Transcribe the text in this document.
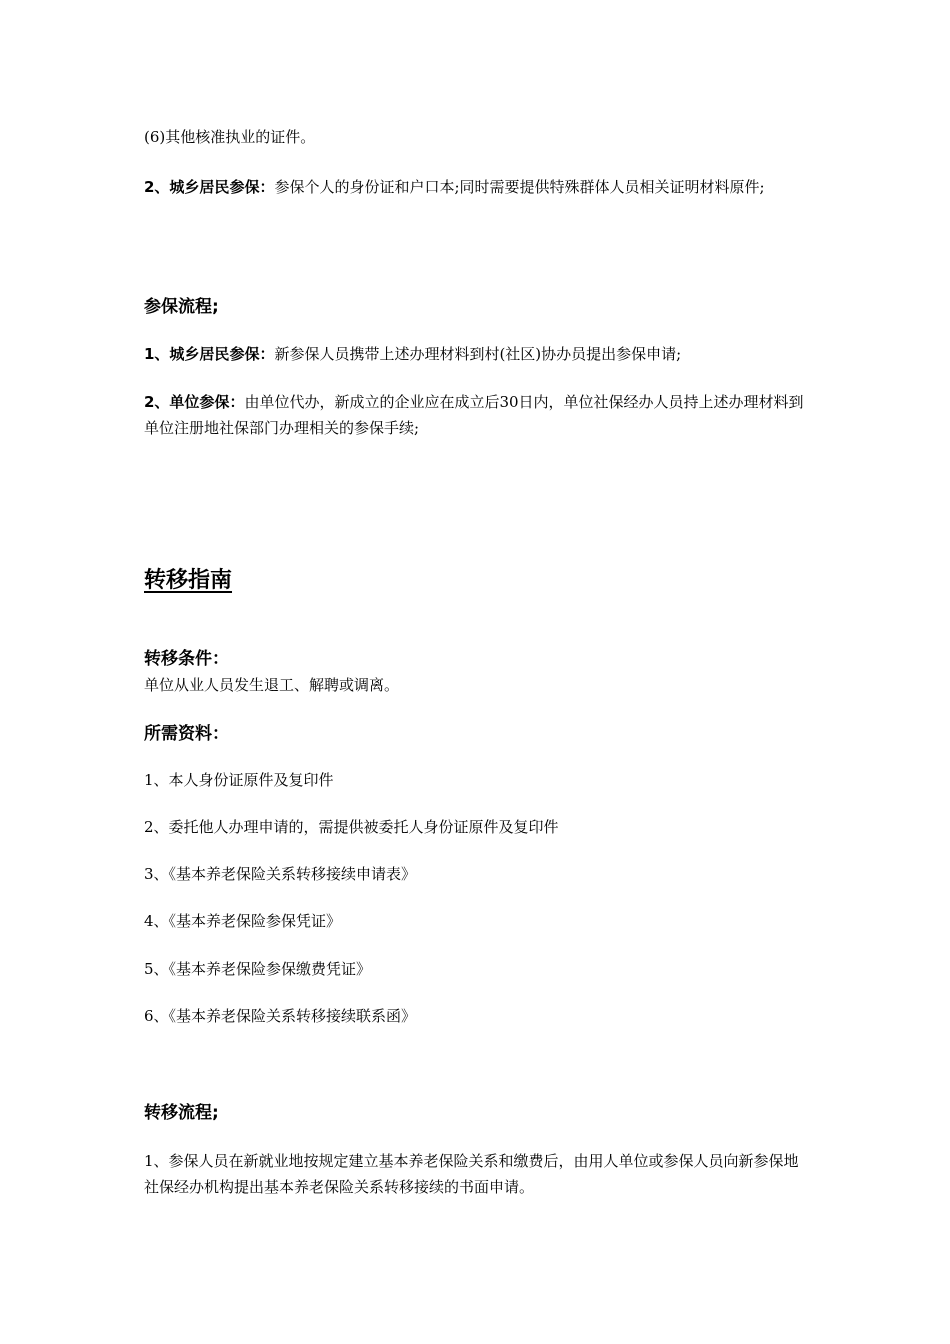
(6)其他核准执业的证件。

2、城乡居民参保：参保个人的身份证和户口本;同时需要提供特殊群体人员相关证明材料原件;

参保流程;

1、城乡居民参保：新参保人员携带上述办理材料到村(社区)协办员提出参保申请;

2、单位参保：由单位代办，新成立的企业应在成立后30日内，单位社保经办人员持上述办理材料到单位注册地社保部门办理相关的参保手续;

转移指南
转移条件：

单位从业人员发生退工、解聘或调离。

所需资料：

1、本人身份证原件及复印件

2、委托他人办理申请的，需提供被委托人身份证原件及复印件

3、《基本养老保险关系转移接续申请表》

4、《基本养老保险参保凭证》

5、《基本养老保险参保缴费凭证》

6、《基本养老保险关系转移接续联系函》

转移流程;

1、参保人员在新就业地按规定建立基本养老保险关系和缴费后，由用人单位或参保人员向新参保地社保经办机构提出基本养老保险关系转移接续的书面申请。
